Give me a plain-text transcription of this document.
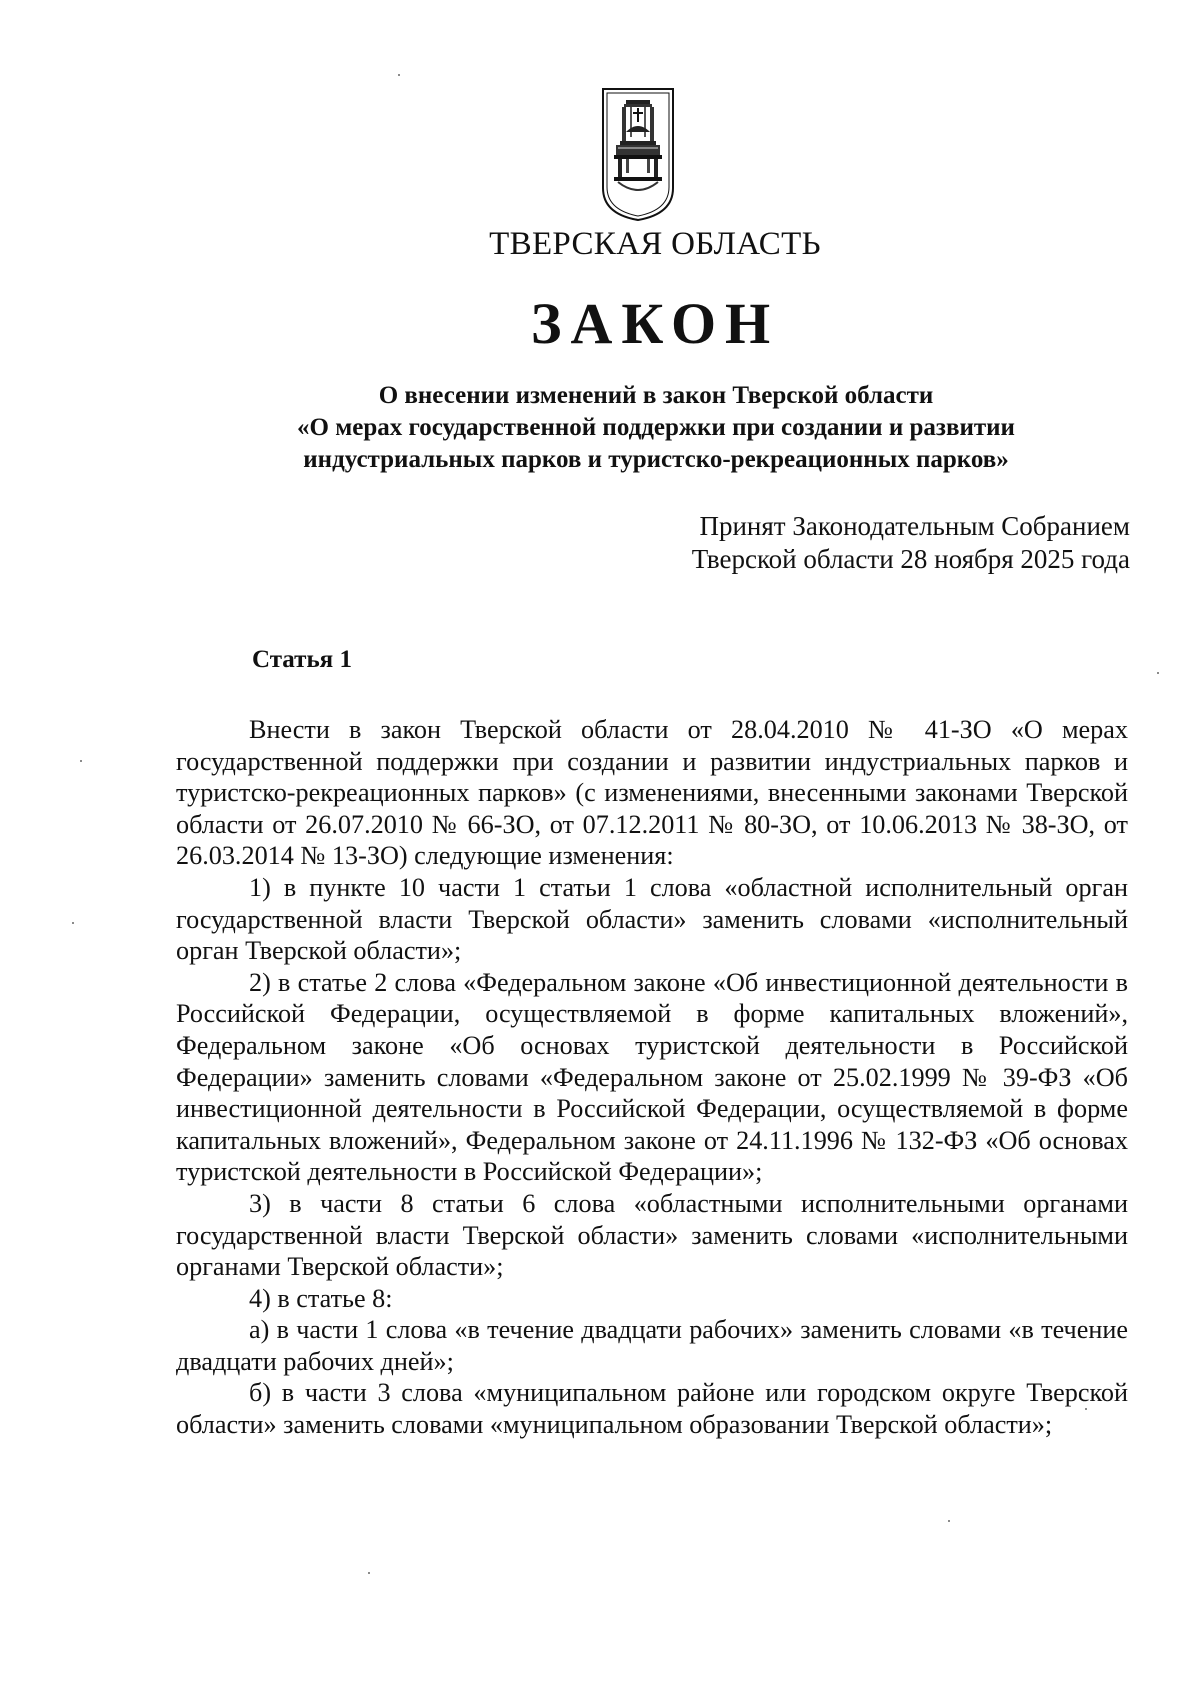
ТВЕРСКАЯ ОБЛАСТЬ
ЗАКОН
О внесении изменений в закон Тверской области
«О мерах государственной поддержки при создании и развитии
индустриальных парков и туристско-рекреационных парков»
Принят Законодательным Собранием
Тверской области 28 ноября 2025 года
Статья 1

Внести в закон Тверской области от 28.04.2010 № 41-ЗО «О мерах государственной поддержки при создании и развитии индустриальных парков и туристско-рекреационных парков» (с изменениями, внесенными законами Тверской области от 26.07.2010 № 66-ЗО, от 07.12.2011 № 80-ЗО, от 10.06.2013 № 38-ЗО, от 26.03.2014 № 13-ЗО) следующие изменения:

1) в пункте 10 части 1 статьи 1 слова «областной исполнительный орган государственной власти Тверской области» заменить словами «исполнительный орган Тверской области»;

2) в статье 2 слова «Федеральном законе «Об инвестиционной деятельности в Российской Федерации, осуществляемой в форме капитальных вложений», Федеральном законе «Об основах туристской деятельности в Российской Федерации» заменить словами «Федеральном законе от 25.02.1999 № 39-ФЗ «Об инвестиционной деятельности в Российской Федерации, осуществляемой в форме капитальных вложений», Федеральном законе от 24.11.1996 № 132-ФЗ «Об основах туристской деятельности в Российской Федерации»;

3) в части 8 статьи 6 слова «областными исполнительными органами государственной власти Тверской области» заменить словами «исполнительными органами Тверской области»;

4) в статье 8:

а) в части 1 слова «в течение двадцати рабочих» заменить словами «в течение двадцати рабочих дней»;

б) в части 3 слова «муниципальном районе или городском округе Тверской области» заменить словами «муниципальном образовании Тверской области»;
